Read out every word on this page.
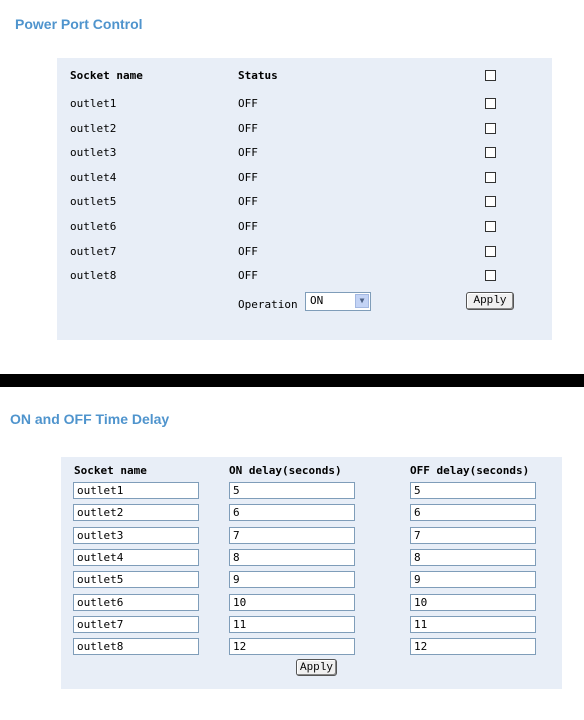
Power Port Control
Socket name	Status
outlet1	OFF
outlet2	OFF
outlet3	OFF
outlet4	OFF
outlet5	OFF
outlet6	OFF
outlet7	OFF
outlet8	OFF
Operation	ON	▼	Apply
ON and OFF Time Delay
Socket name	ON delay(seconds)	OFF delay(seconds)
outlet1	5	5
outlet2	6	6
outlet3	7	7
outlet4	8	8
outlet5	9	9
outlet6	10	10
outlet7	11	11
outlet8	12	12
Apply
